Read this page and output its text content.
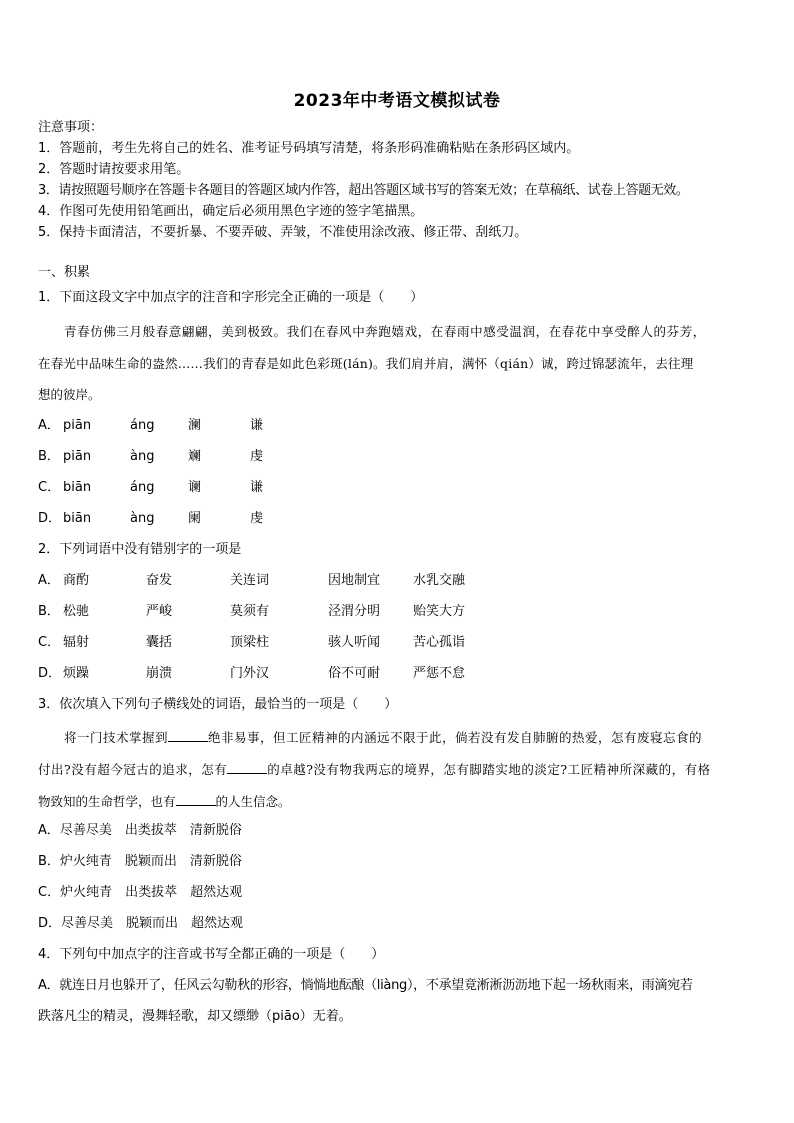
2023年中考语文模拟试卷
注意事项：
1．答题前，考生先将自己的姓名、准考证号码填写清楚，将条形码准确粘贴在条形码区域内。
2．答题时请按要求用笔。
3．请按照题号顺序在答题卡各题目的答题区域内作答，超出答题区域书写的答案无效；在草稿纸、试卷上答题无效。
4．作图可先使用铅笔画出，确定后必须用黑色字迹的签字笔描黑。
5．保持卡面清洁，不要折暴、不要弄破、弄皱，不准使用涂改液、修正带、刮纸刀。
一、积累
1．下面这段文字中加点字的注音和字形完全正确的一项是（　　）
青春仿佛三月般春意翩翩，美到极致。我们在春风中奔跑嬉戏，在春雨中感受温润，在春花中享受醉人的芬芳，
在春光中品味生命的盎然……我们的青春是如此色彩斑(lán)。我们肩并肩，满怀（qián）诚，跨过锦瑟流年，去往理
想的彼岸。
A． piān	áng	澜	谦
B． piān	àng	斓	虔
C． biān	áng	谰	谦
D． biān	àng	阑	虔
2．下列词语中没有错别字的一项是
A． 商酌	奋发	关连词	因地制宜	水乳交融
B． 松驰	严峻	莫须有	泾渭分明	贻笑大方
C． 辐射	囊括	顶梁柱	骇人听闻	苦心孤诣
D． 烦躁	崩溃	门外汉	俗不可耐	严惩不怠
3．依次填入下列句子横线处的词语，最恰当的一项是（　　）
将一门技术掌握到	绝非易事，但工匠精神的内涵远不限于此，倘若没有发自肺腑的热爱，怎有废寝忘食的
付出?没有超今冠古的追求，怎有	的卓越?没有物我两忘的境界，怎有脚踏实地的淡定?工匠精神所深藏的，有格
物致知的生命哲学，也有	的人生信念。
A．尽善尽美　出类拔萃　清新脱俗
B．炉火纯青　脱颖而出　清新脱俗
C．炉火纯青　出类拔萃　超然达观
D．尽善尽美　脱颖而出　超然达观
4．下列句中加点字的注音或书写全都正确的一项是（　　）
A．就连日月也躲开了，任风云勾勒秋的形容，惝惝地酝酿（liàng），不承望竟淅淅沥沥地下起一场秋雨来，雨滴宛若
跌落凡尘的精灵，漫舞轻歌，却又缥缈（piāo）无着。
